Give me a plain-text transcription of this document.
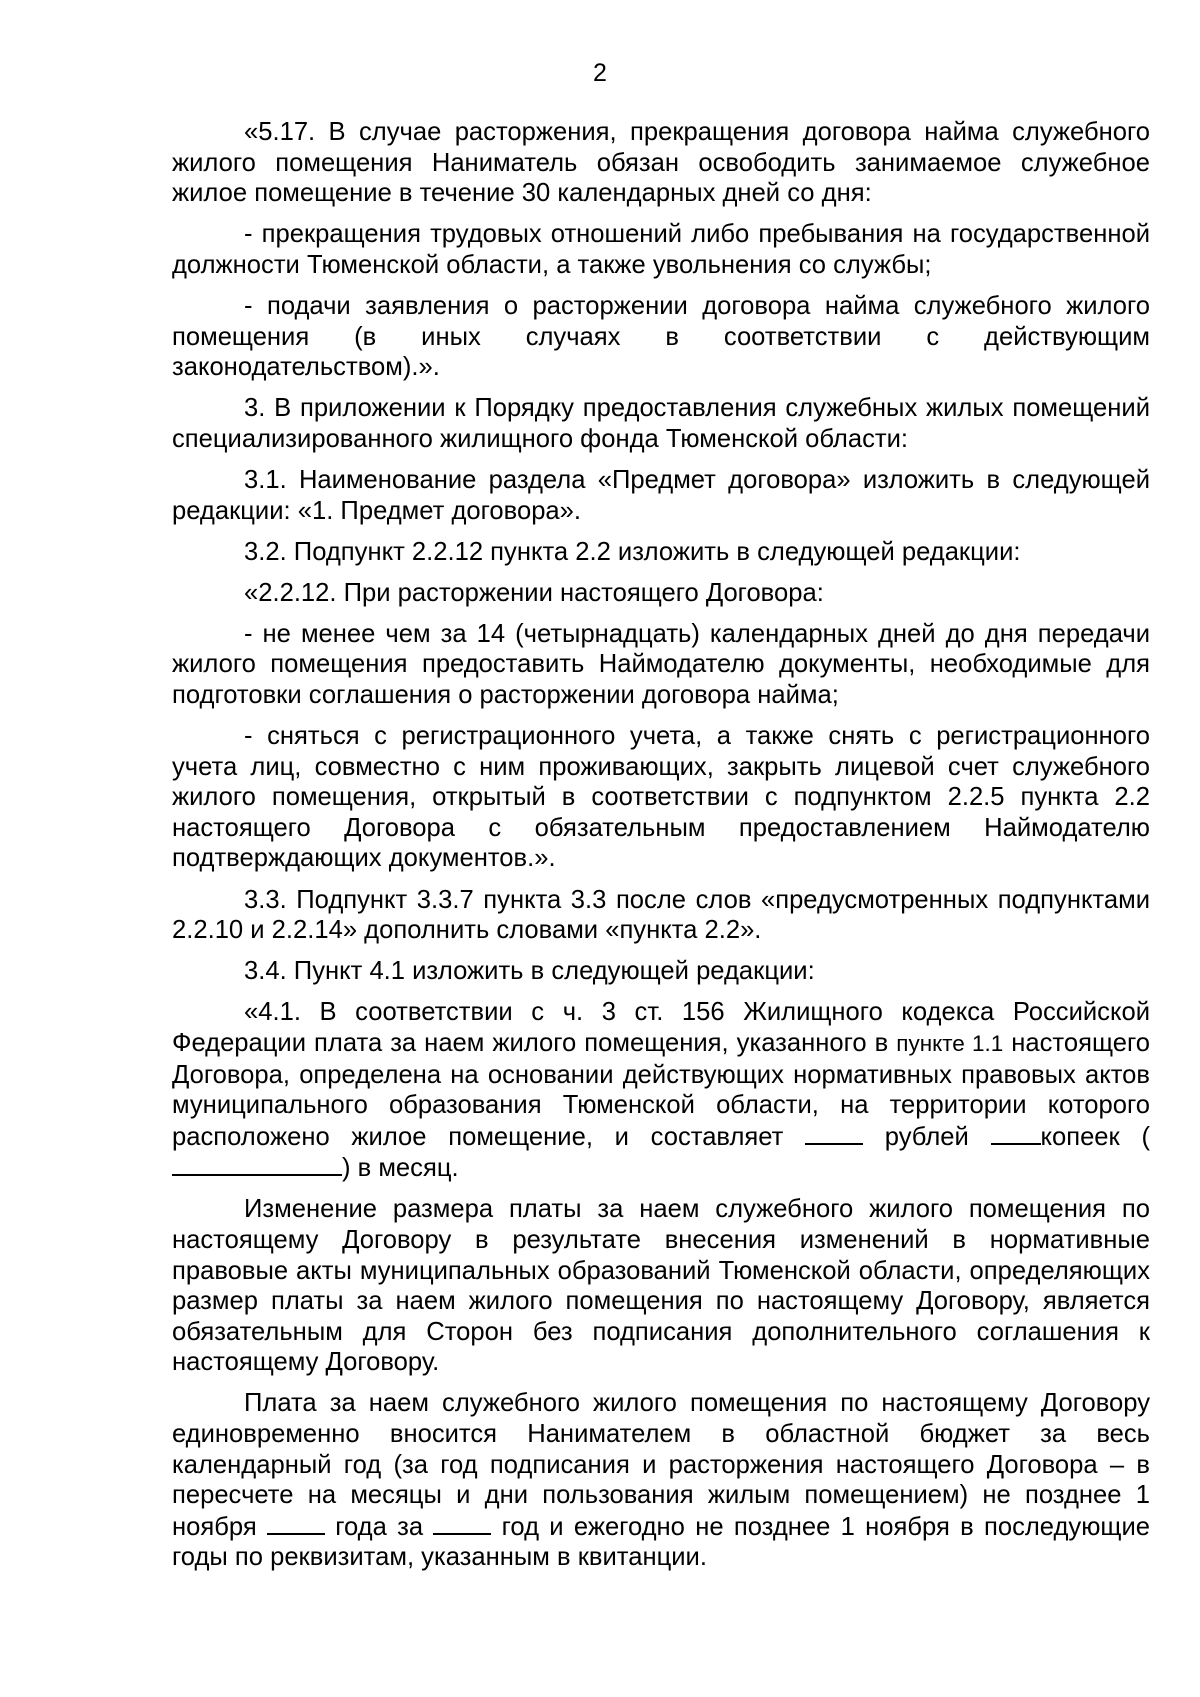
2

«5.17. В случае расторжения, прекращения договора найма служебного жилого помещения Наниматель обязан освободить занимаемое служебное жилое помещение в течение 30 календарных дней со дня:

- прекращения трудовых отношений либо пребывания на государственной должности Тюменской области, а также увольнения со службы;

- подачи заявления о расторжении договора найма служебного жилого помещения (в иных случаях в соответствии с действующим законодательством).».

3. В приложении к Порядку предоставления служебных жилых помещений специализированного жилищного фонда Тюменской области:

3.1. Наименование раздела «Предмет договора» изложить в следующей редакции: «1. Предмет договора».

3.2. Подпункт 2.2.12 пункта 2.2 изложить в следующей редакции:

«2.2.12. При расторжении настоящего Договора:

- не менее чем за 14 (четырнадцать) календарных дней до дня передачи жилого помещения предоставить Наймодателю документы, необходимые для подготовки соглашения о расторжении договора найма;

- сняться с регистрационного учета, а также снять с регистрационного учета лиц, совместно с ним проживающих, закрыть лицевой счет служебного жилого помещения, открытый в соответствии с подпунктом 2.2.5 пункта 2.2 настоящего Договора с обязательным предоставлением Наймодателю подтверждающих документов.».

3.3. Подпункт 3.3.7 пункта 3.3 после слов «предусмотренных подпунктами 2.2.10 и 2.2.14» дополнить словами «пункта 2.2».

3.4. Пункт 4.1 изложить в следующей редакции:

«4.1. В соответствии с ч. 3 ст. 156 Жилищного кодекса Российской Федерации плата за наем жилого помещения, указанного в пункте 1.1 настоящего Договора, определена на основании действующих нормативных правовых актов муниципального образования Тюменской области, на территории которого расположено жилое помещение, и составляет  рублей копеек () в месяц.

Изменение размера платы за наем служебного жилого помещения по настоящему Договору в результате внесения изменений в нормативные правовые акты муниципальных образований Тюменской области, определяющих размер платы за наем жилого помещения по настоящему Договору, является обязательным для Сторон без подписания дополнительного соглашения к настоящему Договору.

Плата за наем служебного жилого помещения по настоящему Договору единовременно вносится Нанимателем в областной бюджет за весь календарный год (за год подписания и расторжения настоящего Договора – в пересчете на месяцы и дни пользования жилым помещением) не позднее 1 ноября  года за  год и ежегодно не позднее 1 ноября в последующие годы по реквизитам, указанным в квитанции.
